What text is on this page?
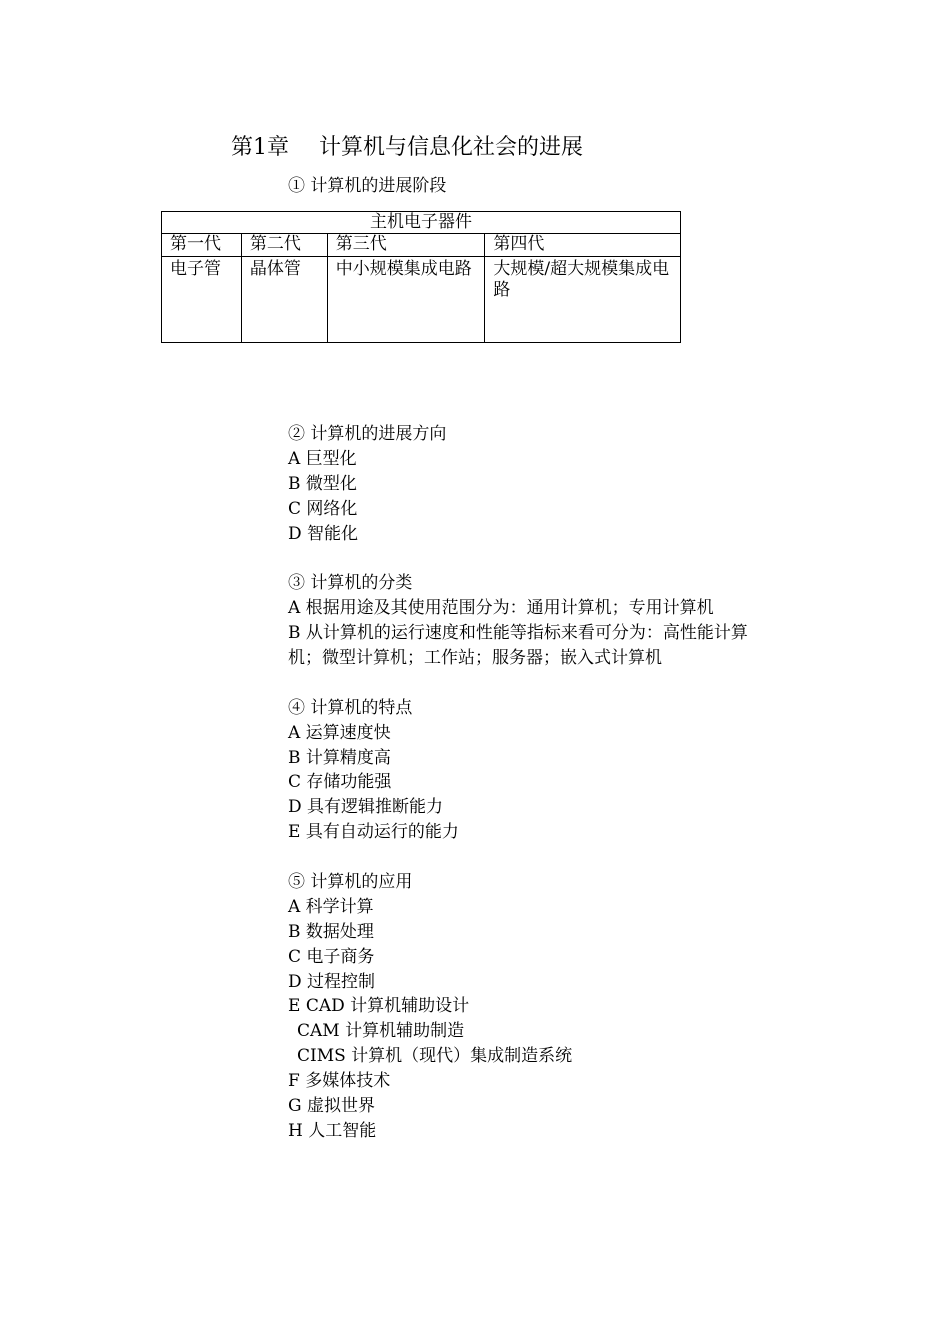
第1章 计算机与信息化社会的进展
① 计算机的进展阶段
主机电子器件			
第一代	第二代	第三代	第四代
电子管	晶体管	中小规模集成电路	大规模/超大规模集成电路
② 计算机的进展方向
A 巨型化
B 微型化
C 网络化
D 智能化
③ 计算机的分类
A 根据用途及其使用范围分为：通用计算机；专用计算机
B 从计算机的运行速度和性能等指标来看可分为：高性能计算
机；微型计算机；工作站；服务器；嵌入式计算机
④ 计算机的特点
A 运算速度快
B 计算精度高
C 存储功能强
D 具有逻辑推断能力
E 具有自动运行的能力
⑤ 计算机的应用
A 科学计算
B 数据处理
C 电子商务
D 过程控制
E CAD 计算机辅助设计
CAM 计算机辅助制造
CIMS 计算机（现代）集成制造系统
F 多媒体技术
G 虚拟世界
H 人工智能
